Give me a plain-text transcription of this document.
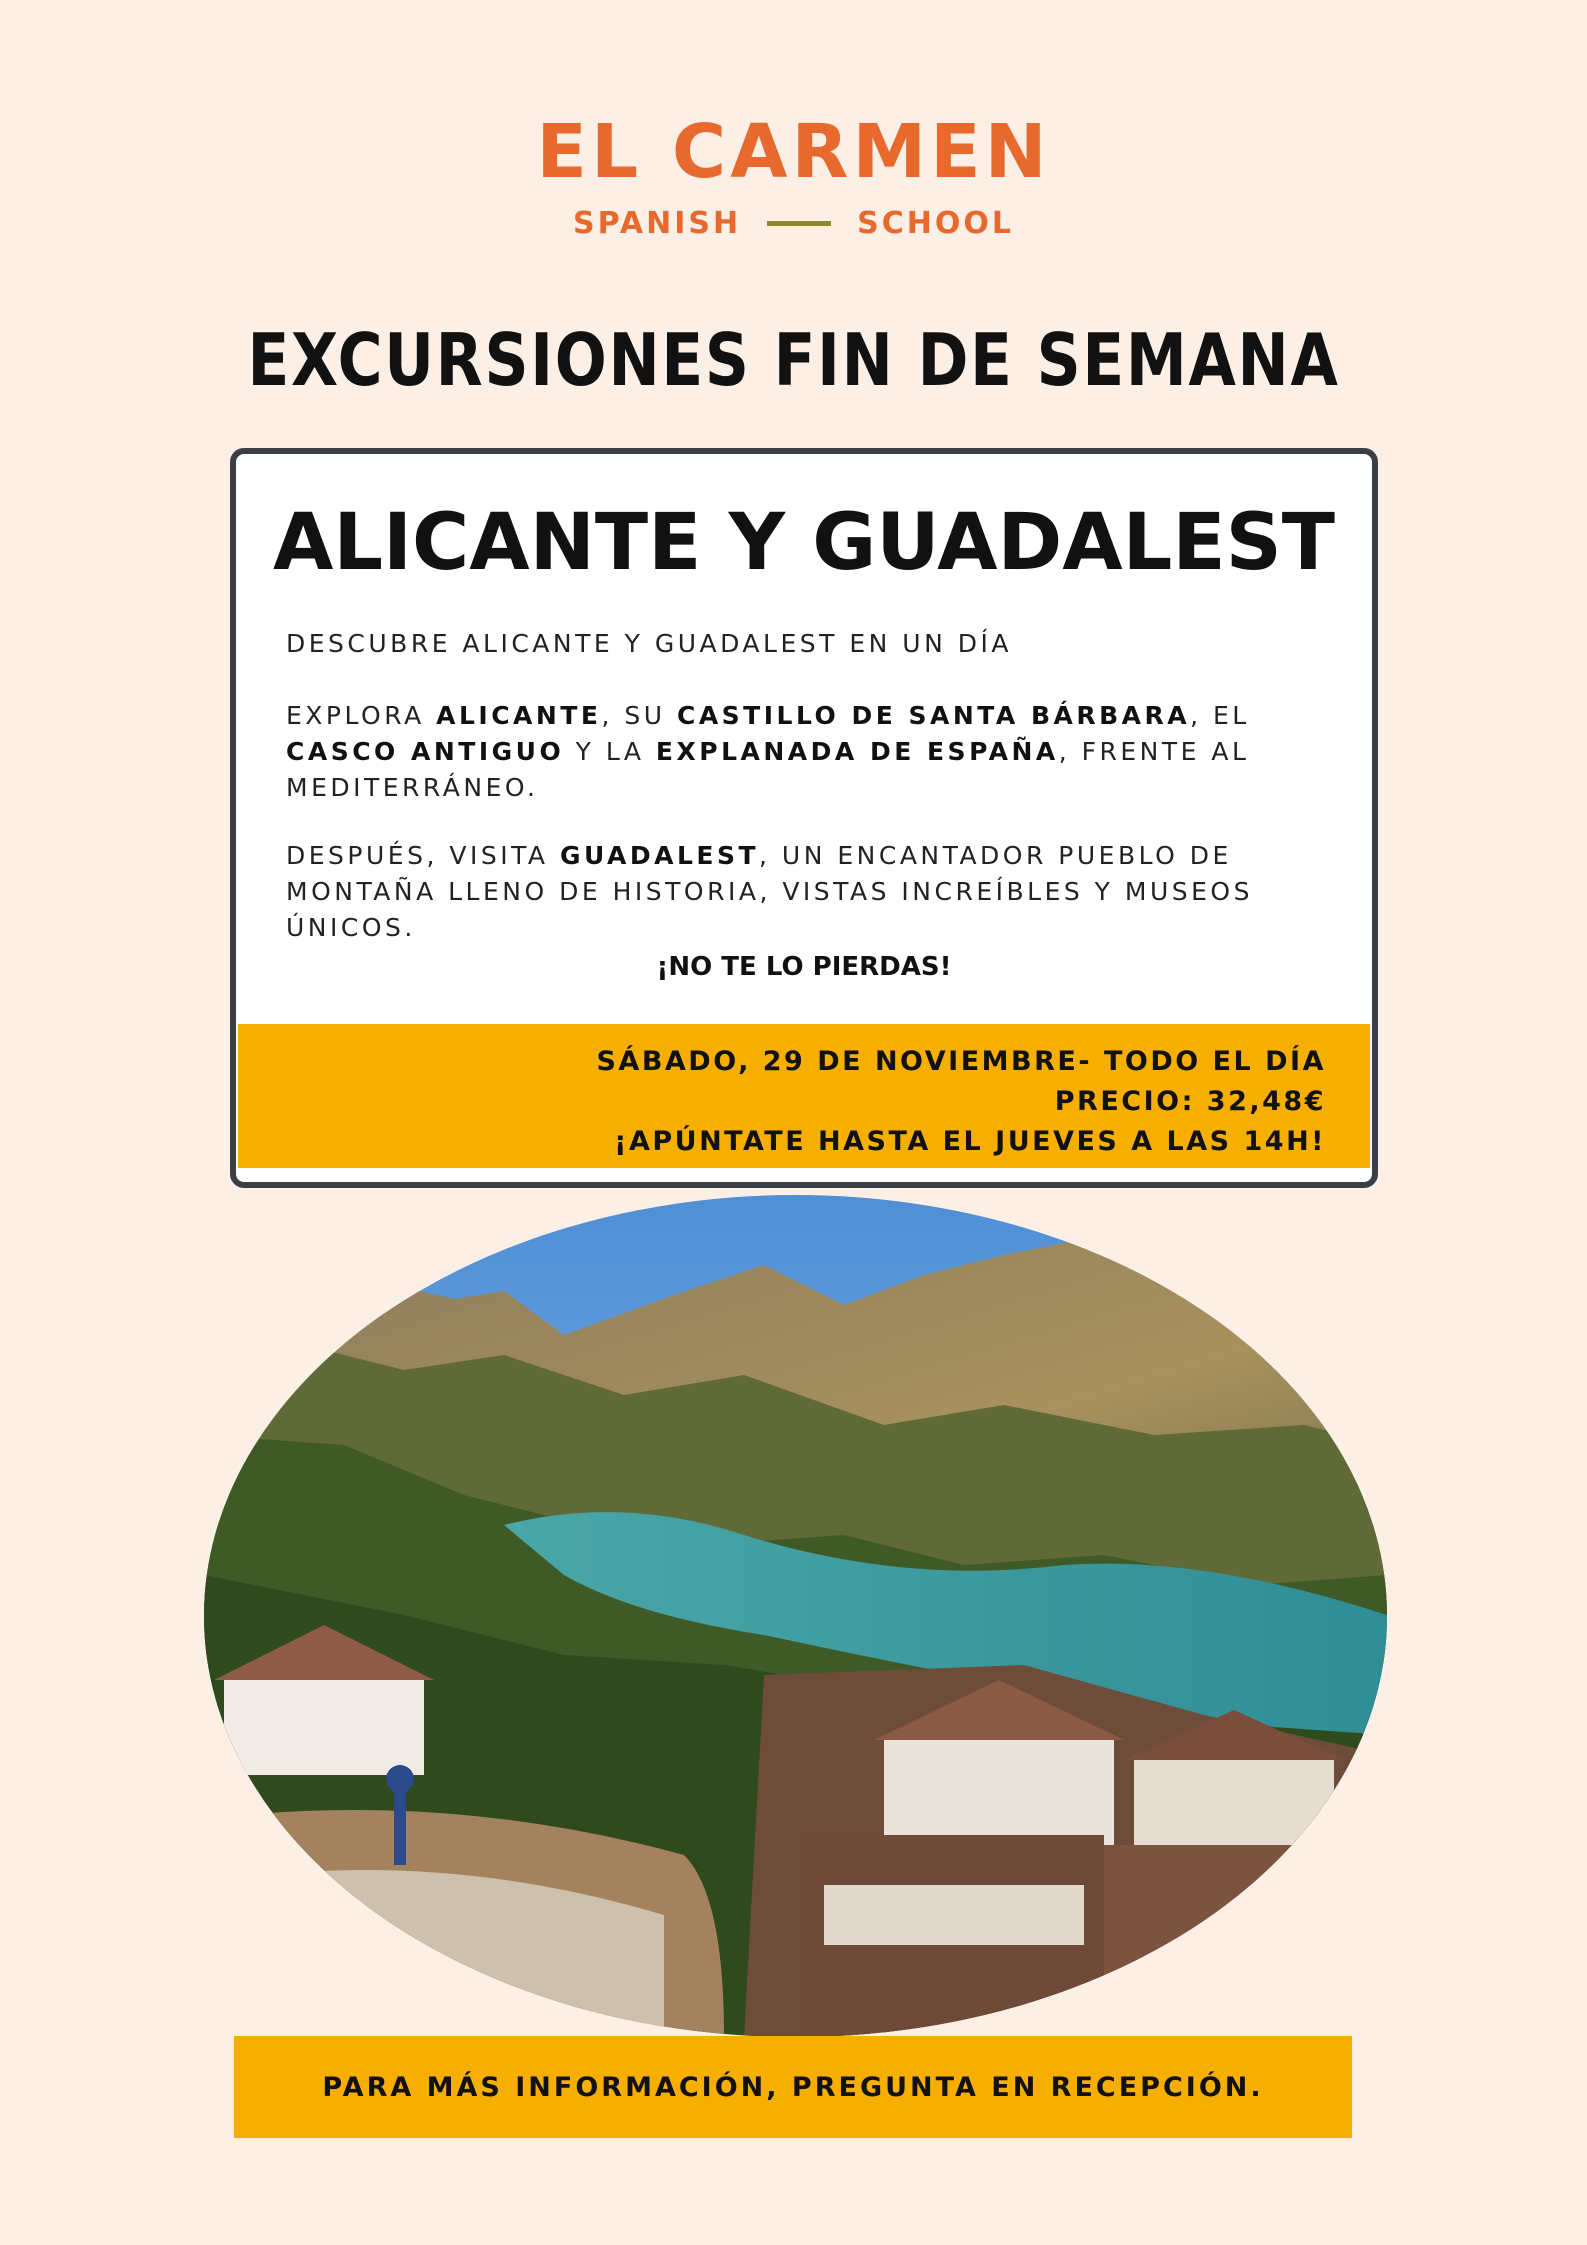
EL CARMEN
SPANISH	SCHOOL
EXCURSIONES FIN DE SEMANA
ALICANTE Y GUADALEST
DESCUBRE ALICANTE Y GUADALEST EN UN DÍA
EXPLORA ALICANTE, SU CASTILLO DE SANTA BÁRBARA, EL CASCO ANTIGUO Y LA EXPLANADA DE ESPAÑA, FRENTE AL MEDITERRÁNEO.
DESPUÉS, VISITA GUADALEST, UN ENCANTADOR PUEBLO DE MONTAÑA LLENO DE HISTORIA, VISTAS INCREÍBLES Y MUSEOS ÚNICOS.
¡NO TE LO PIERDAS!
SÁBADO, 29 DE NOVIEMBRE- TODO EL DÍA
PRECIO: 32,48€
¡APÚNTATE HASTA EL JUEVES A LAS 14H!
PARA MÁS INFORMACIÓN, PREGUNTA EN RECEPCIÓN.
